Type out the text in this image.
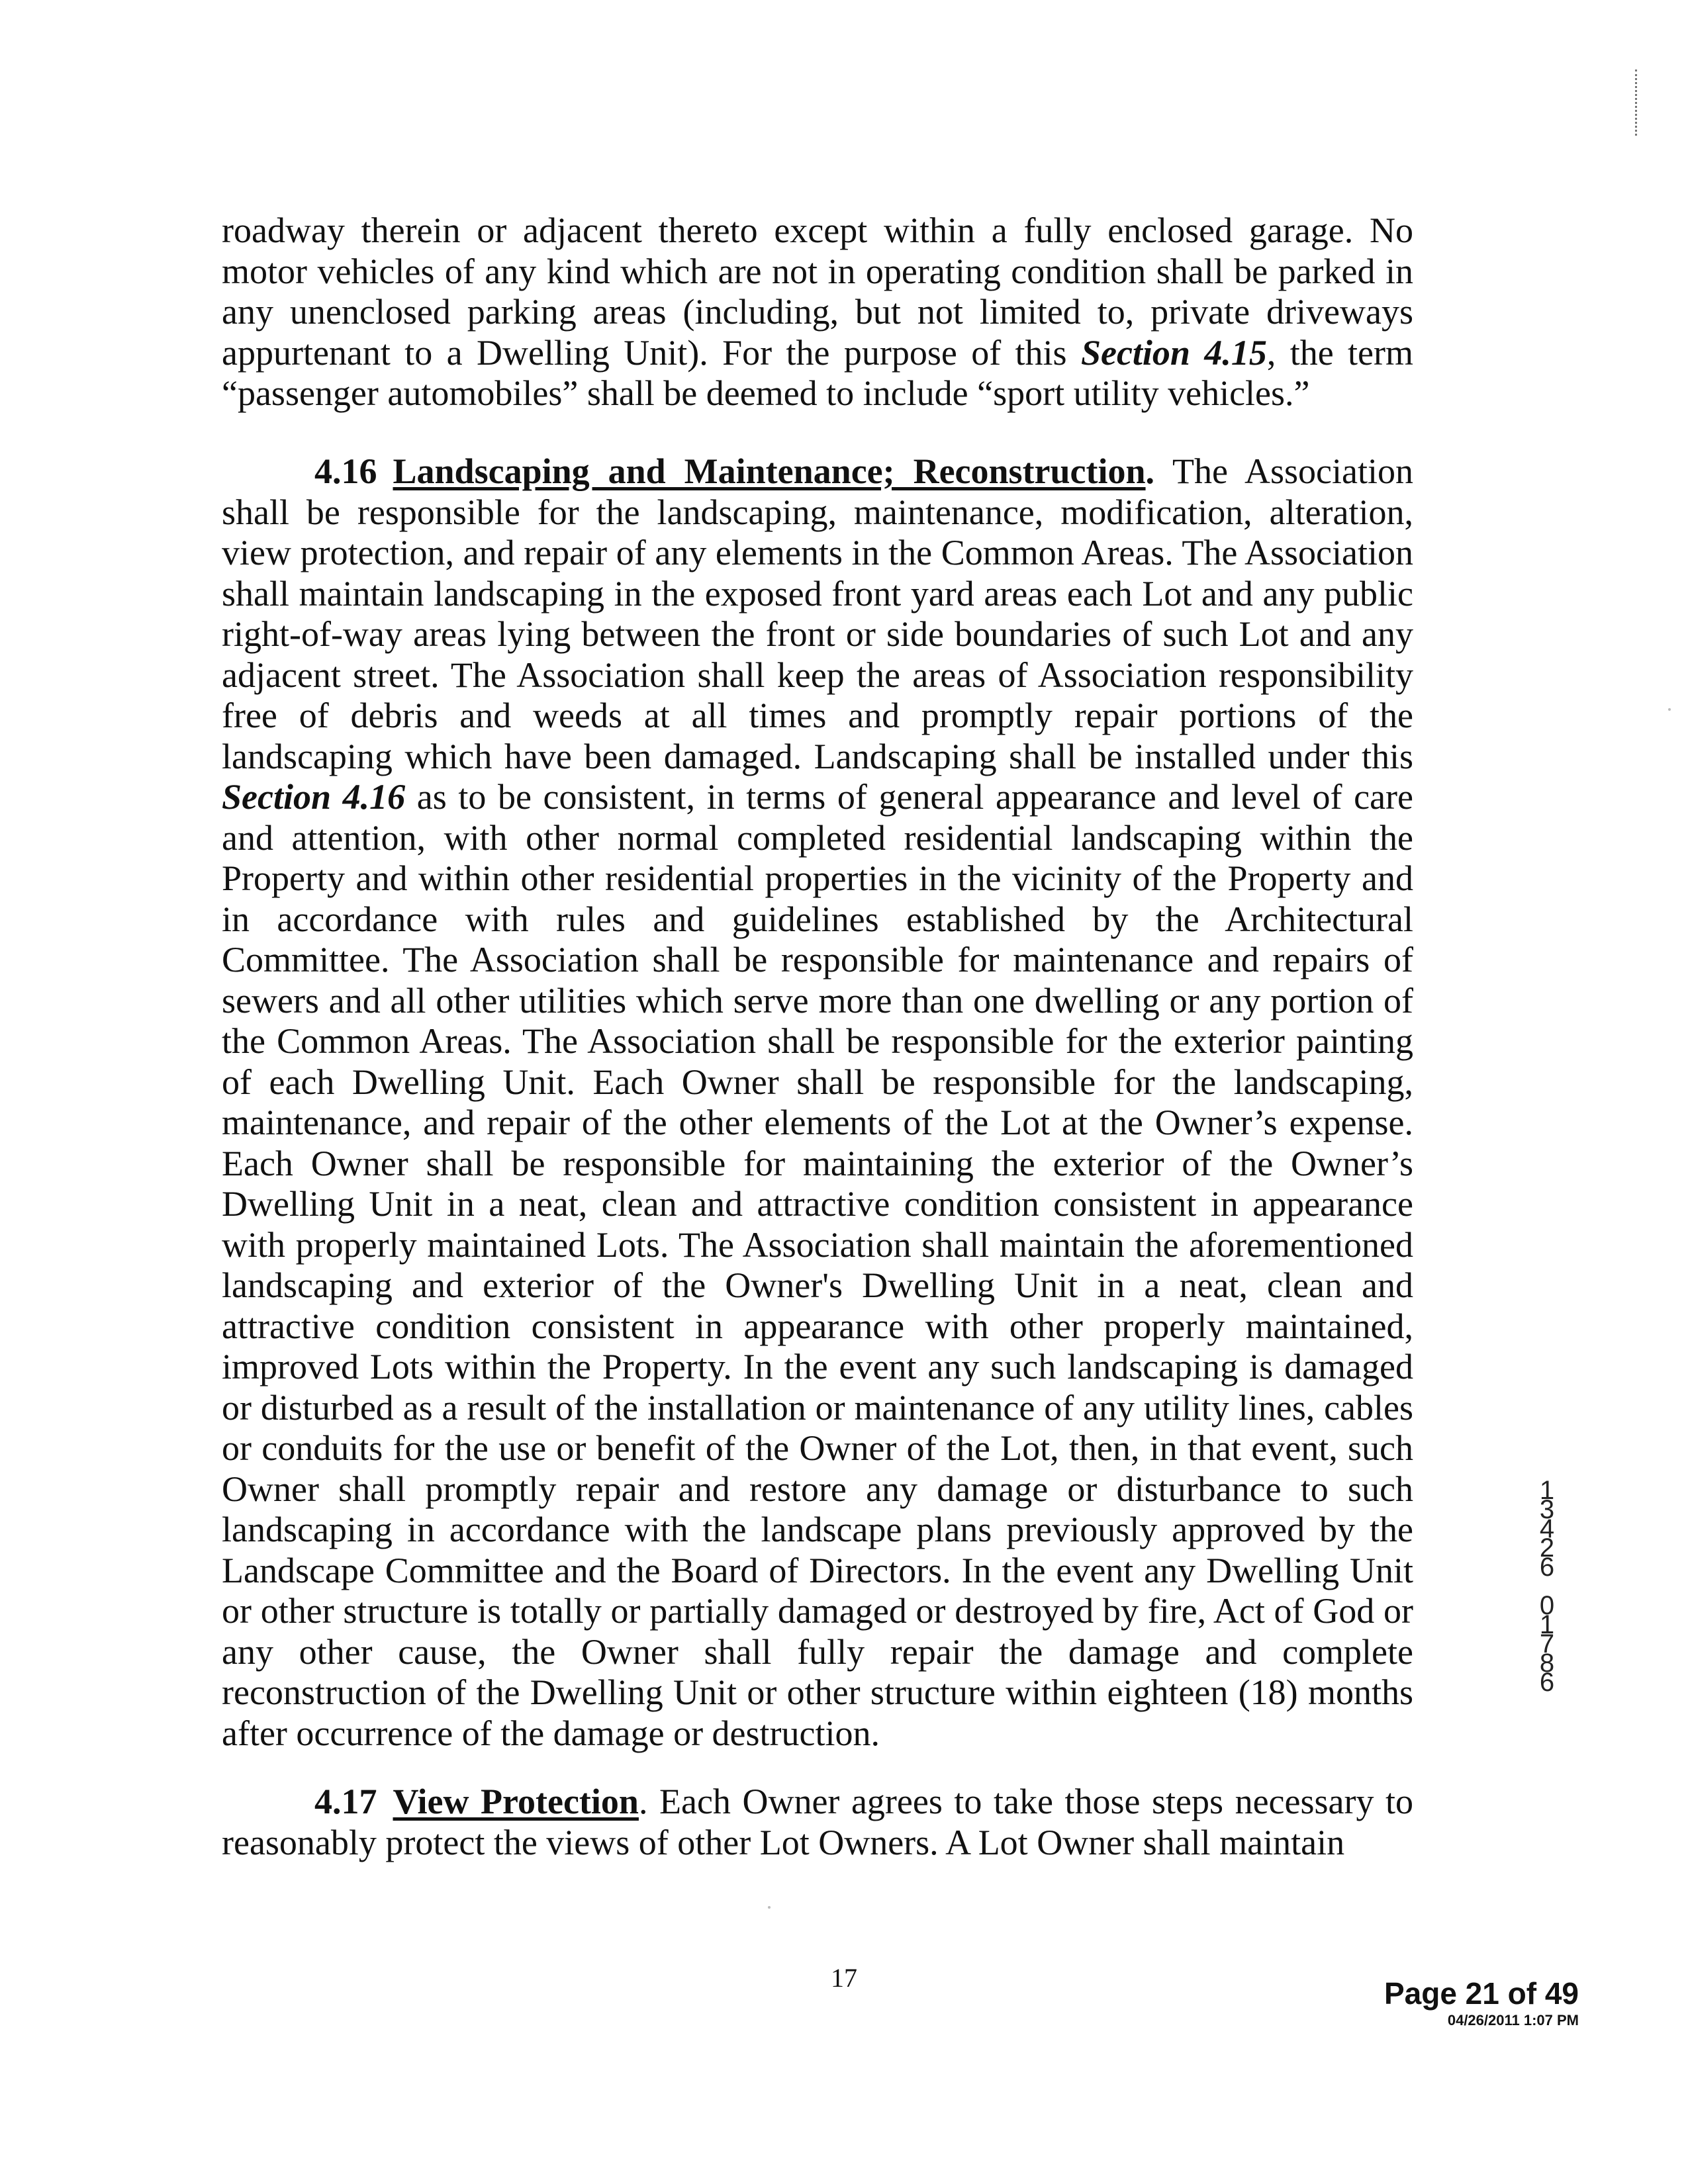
roadway therein or adjacent thereto except within a fully enclosed garage. No motor vehicles of any kind which are not in operating condition shall be parked in any unenclosed parking areas (including, but not limited to, private driveways appurtenant to a Dwelling Unit). For the purpose of this Section 4.15, the term “passenger automobiles” shall be deemed to include “sport utility vehicles.”

4.16 Landscaping and Maintenance; Reconstruction. The Association shall be responsible for the landscaping, maintenance, modification, alteration, view protection, and repair of any elements in the Common Areas. The Association shall maintain landscaping in the exposed front yard areas each Lot and any public right-of-way areas lying between the front or side boundaries of such Lot and any adjacent street. The Association shall keep the areas of Association responsibility free of debris and weeds at all times and promptly repair portions of the landscaping which have been damaged. Landscaping shall be installed under this Section 4.16 as to be consistent, in terms of general appearance and level of care and attention, with other normal completed residential landscaping within the Property and within other residential properties in the vicinity of the Property and in accordance with rules and guidelines established by the Architectural Committee. The Association shall be responsible for maintenance and repairs of sewers and all other utilities which serve more than one dwelling or any portion of the Common Areas. The Association shall be responsible for the exterior painting of each Dwelling Unit. Each Owner shall be responsible for the landscaping, maintenance, and repair of the other elements of the Lot at the Owner’s expense. Each Owner shall be responsible for maintaining the exterior of the Owner’s Dwelling Unit in a neat, clean and attractive condition consistent in appearance with properly maintained Lots. The Association shall maintain the aforementioned landscaping and exterior of the Owner's Dwelling Unit in a neat, clean and attractive condition consistent in appearance with other properly maintained, improved Lots within the Property. In the event any such landscaping is damaged or disturbed as a result of the installation or maintenance of any utility lines, cables or conduits for the use or benefit of the Owner of the Lot, then, in that event, such Owner shall promptly repair and restore any damage or disturbance to such landscaping in accordance with the landscape plans previously approved by the Landscape Committee and the Board of Directors. In the event any Dwelling Unit or other structure is totally or partially damaged or destroyed by fire, Act of God or any other cause, the Owner shall fully repair the damage and complete reconstruction of the Dwelling Unit or other structure within eighteen (18) months after occurrence of the damage or destruction.

4.17 View Protection. Each Owner agrees to take those steps necessary to reasonably protect the views of other Lot Owners. A Lot Owner shall maintain

17	Page 21 of 49
04/26/2011 1:07 PM
1
3
4
2
6

0
1
7
8
6
